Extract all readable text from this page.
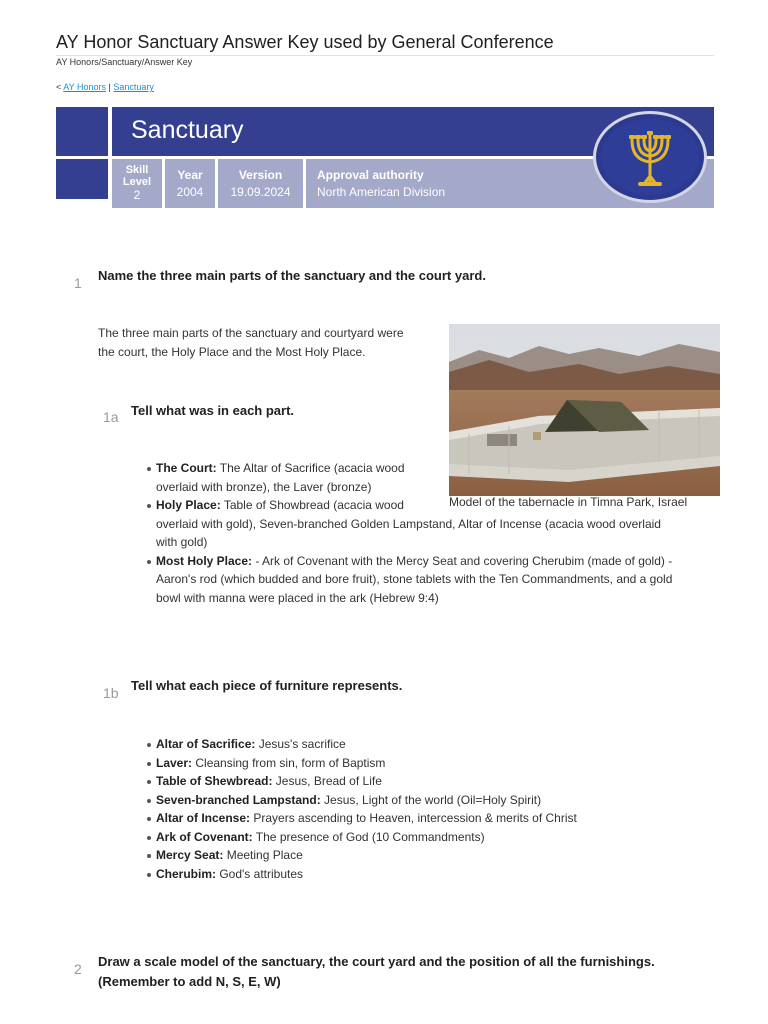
AY Honor Sanctuary Answer Key used by General Conference
AY Honors/Sanctuary/Answer Key
< AY Honors | Sanctuary
Sanctuary
Skill
Level
2
Year
2004
Version
19.09.2024
Approval authority
North American Division
1 Name the three main parts of the sanctuary and the court yard.
The three main parts of the sanctuary and courtyard were
the court, the Holy Place and the Most Holy Place.
Model of the tabernacle in Timna Park, Israel
1a Tell what was in each part.
The Court: The Altar of Sacrifice (acacia wood
overlaid with bronze), the Laver (bronze)
Holy Place: Table of Showbread (acacia wood
overlaid with gold), Seven-branched Golden Lampstand, Altar of Incense (acacia wood overlaid
with gold)
Most Holy Place: - Ark of Covenant with the Mercy Seat and covering Cherubim (made of gold) -
Aaron's rod (which budded and bore fruit), stone tablets with the Ten Commandments, and a gold
bowl with manna were placed in the ark (Hebrew 9:4)
1b Tell what each piece of furniture represents.
Altar of Sacrifice: Jesus's sacrifice
Laver: Cleansing from sin, form of Baptism
Table of Shewbread: Jesus, Bread of Life
Seven-branched Lampstand: Jesus, Light of the world (Oil=Holy Spirit)
Altar of Incense: Prayers ascending to Heaven, intercession & merits of Christ
Ark of Covenant: The presence of God (10 Commandments)
Mercy Seat: Meeting Place
Cherubim: God's attributes
2 Draw a scale model of the sanctuary, the court yard and the position of all the furnishings.
(Remember to add N, S, E, W)
